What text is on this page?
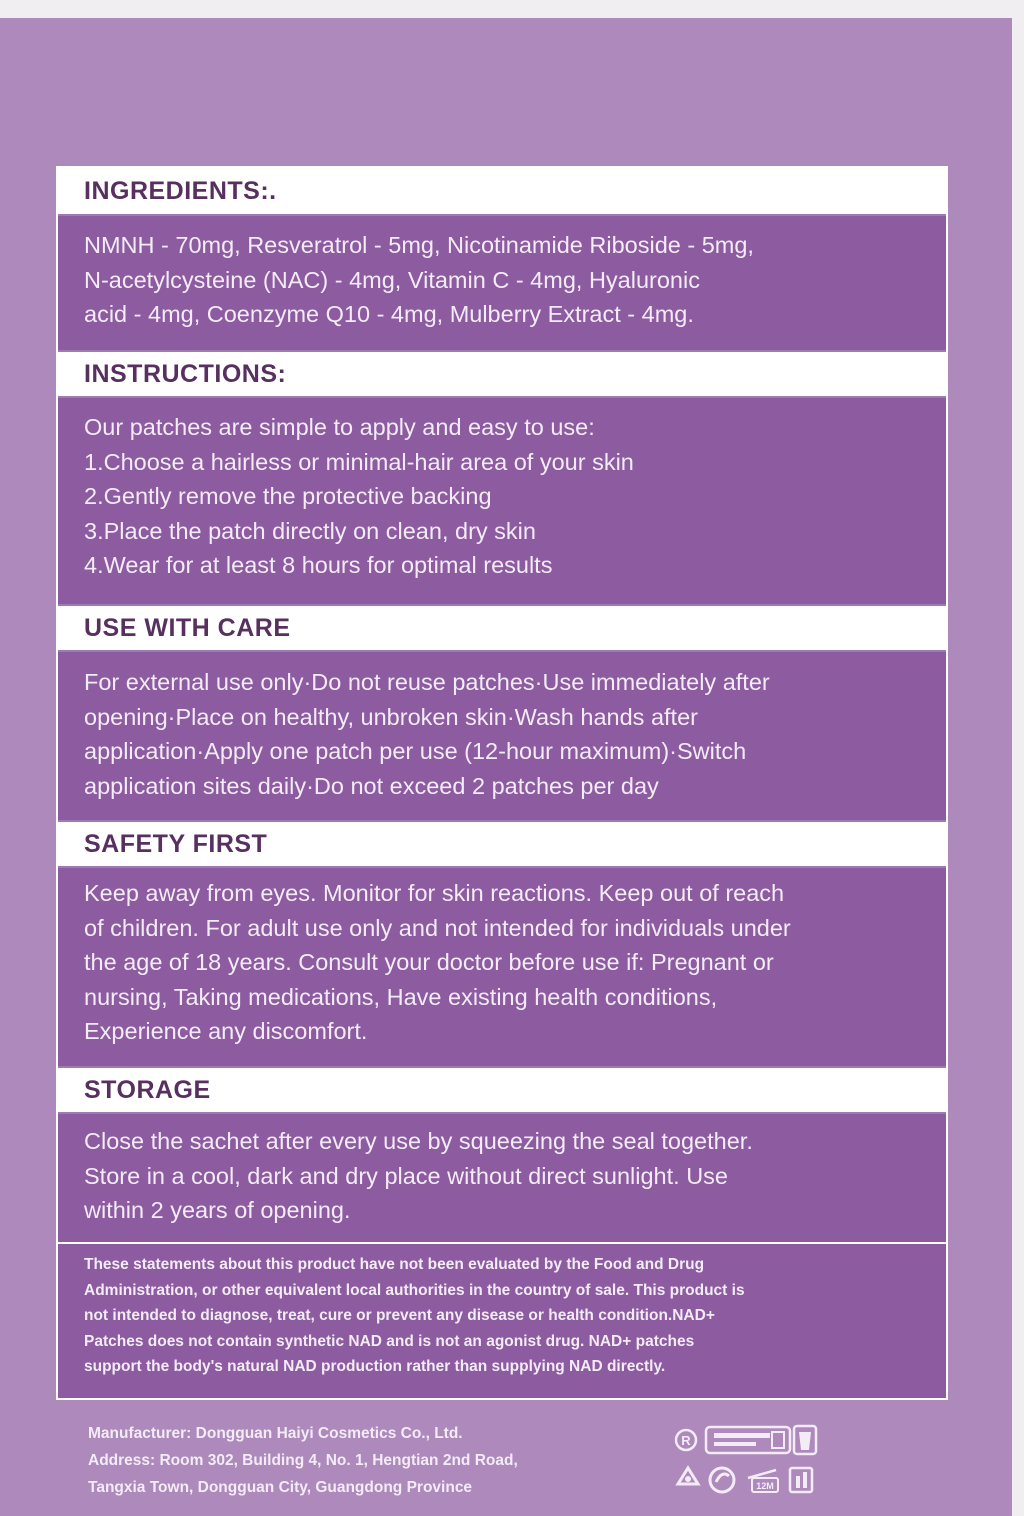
INGREDIENTS:.
NMNH - 70mg, Resveratrol - 5mg, Nicotinamide Riboside - 5mg,
N-acetylcysteine (NAC) - 4mg, Vitamin C - 4mg, Hyaluronic
acid - 4mg, Coenzyme Q10 - 4mg, Mulberry Extract - 4mg.
INSTRUCTIONS:
Our patches are simple to apply and easy to use:
1.Choose a hairless or minimal-hair area of your skin
2.Gently remove the protective backing
3.Place the patch directly on clean, dry skin
4.Wear for at least 8 hours for optimal results
USE WITH CARE
For external use only·Do not reuse patches·Use immediately after
opening·Place on healthy, unbroken skin·Wash hands after
application·Apply one patch per use (12-hour maximum)·Switch
application sites daily·Do not exceed 2 patches per day
SAFETY FIRST
Keep away from eyes. Monitor for skin reactions. Keep out of reach
of children. For adult use only and not intended for individuals under
the age of 18 years. Consult your doctor before use if: Pregnant or
nursing, Taking medications, Have existing health conditions,
Experience any discomfort.
STORAGE
Close the sachet after every use by squeezing the seal together.
Store in a cool, dark and dry place without direct sunlight. Use
within 2 years of opening.
These statements about this product have not been evaluated by the Food and Drug
Administration, or other equivalent local authorities in the country of sale. This product is
not intended to diagnose, treat, cure or prevent any disease or health condition.NAD+
Patches does not contain synthetic NAD and is not an agonist drug. NAD+ patches
support the body's natural NAD production rather than supplying NAD directly.
Manufacturer: Dongguan Haiyi Cosmetics Co., Ltd.
Address: Room 302, Building 4, No. 1, Hengtian 2nd Road,
Tangxia Town, Dongguan City, Guangdong Province
R
12M
